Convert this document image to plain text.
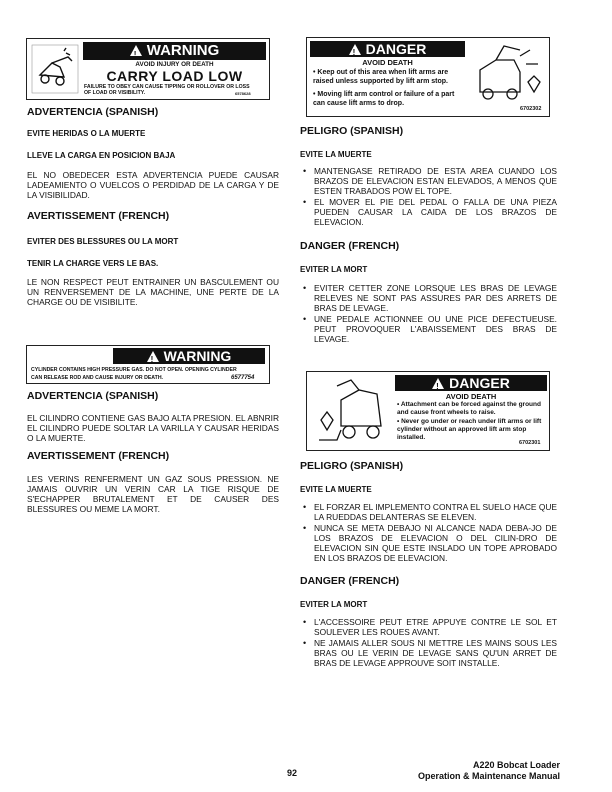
!WARNING
AVOID INJURY OR DEATH
CARRY LOAD LOW
FAILURE TO OBEY CAN CAUSE TIPPING OR ROLLOVER OR LOSS
OF LOAD OR VISIBILITY.	6578628
ADVERTENCIA (SPANISH)
EVITE HERIDAS O LA MUERTE
LLEVE LA CARGA EN POSICION BAJA

EL NO OBEDECER ESTA ADVERTENCIA PUEDE CAUSAR LADEAMIENTO O VUELCOS O PERDIDAD DE LA CARGA Y DE LA VISIBILIDAD.

AVERTISSEMENT (FRENCH)
EVITER DES BLESSURES OU LA MORT
TENIR LA CHARGE VERS LE BAS.

LE NON RESPECT PEUT ENTRAINER UN BASCULEMENT OU UN RENVERSEMENT DE LA MACHINE, UNE PERTE DE LA CHARGE OU DE VISIBILITE.

!WARNING
CYLINDER CONTAINS HIGH PRESSURE GAS. DO NOT OPEN. OPENING CYLINDER
CAN RELEASE ROD AND CAUSE INJURY OR DEATH.	6577754
ADVERTENCIA (SPANISH)

EL CILINDRO CONTIENE GAS BAJO ALTA PRESION. EL ABNRIR EL CILINDRO PUEDE SOLTAR LA VARILLA Y CAUSAR HERIDAS O LA MUERTE.

AVERTISSEMENT (FRENCH)

LES VERINS RENFERMENT UN GAZ SOUS PRESSION. NE JAMAIS OUVRIR UN VERIN CAR LA TIGE RISQUE DE S'ECHAPPER BRUTALEMENT ET DE CAUSER DES BLESSURES OU MEME LA MORT.

!DANGER
AVOID DEATH
• Keep out of this area when lift arms are raised unless supported by lift arm stop.
• Moving lift arm control or failure of a part can cause lift arms to drop.
6702302
PELIGRO (SPANISH)
EVITE LA MUERTE
• MANTENGASE RETIRADO DE ESTA AREA CUANDO LOS BRAZOS DE ELEVACION ESTAN ELEVADOS, A MENOS QUE ESTEN TRABADOS POW EL TOPE.
• EL MOVER EL PIE DEL PEDAL O FALLA DE UNA PIEZA PUEDEN CAUSAR LA CAIDA DE LOS BRAZOS DE ELEVACION.
DANGER (FRENCH)
EVITER LA MORT
• EVITER CETTER ZONE LORSQUE LES BRAS DE LEVAGE RELEVES NE SONT PAS ASSURES PAR DES ARRETS DE BRAS DE LEVAGE.
• UNE PEDALE ACTIONNEE OU UNE PICE DEFECTUEUSE. PEUT PROVOQUER L'ABAISSEMENT DES BRAS DE LEVAGE.
!DANGER
AVOID DEATH
• Attachment can be forced against the ground and cause front wheels to raise.
• Never go under or reach under lift arms or lift cylinder without an approved lift arm stop installed.
6702301
PELIGRO (SPANISH)
EVITE LA MUERTE
• EL FORZAR EL IMPLEMENTO CONTRA EL SUELO HACE QUE LA RUEDDAS DELANTERAS SE ELEVEN.
• NUNCA SE META DEBAJO NI ALCANCE NADA DEBA-JO DE LOS BRAZOS DE ELEVACION O DEL CILIN-DRO DE ELEVACION SIN QUE ESTE INSLADO UN TOPE APROBADO EN LOS BRAZOS DE ELEVACION.
DANGER (FRENCH)
EVITER LA MORT
• L'ACCESSOIRE PEUT ETRE APPUYE CONTRE LE SOL ET SOULEVER LES ROUES AVANT.
• NE JAMAIS ALLER SOUS NI METTRE LES MAINS SOUS LES BRAS OU LE VERIN DE LEVAGE SANS QU'UN ARRET DE BRAS DE LEVAGE APPROUVE SOIT INSTALLE.
92
A220 Bobcat Loader
Operation & Maintenance Manual
